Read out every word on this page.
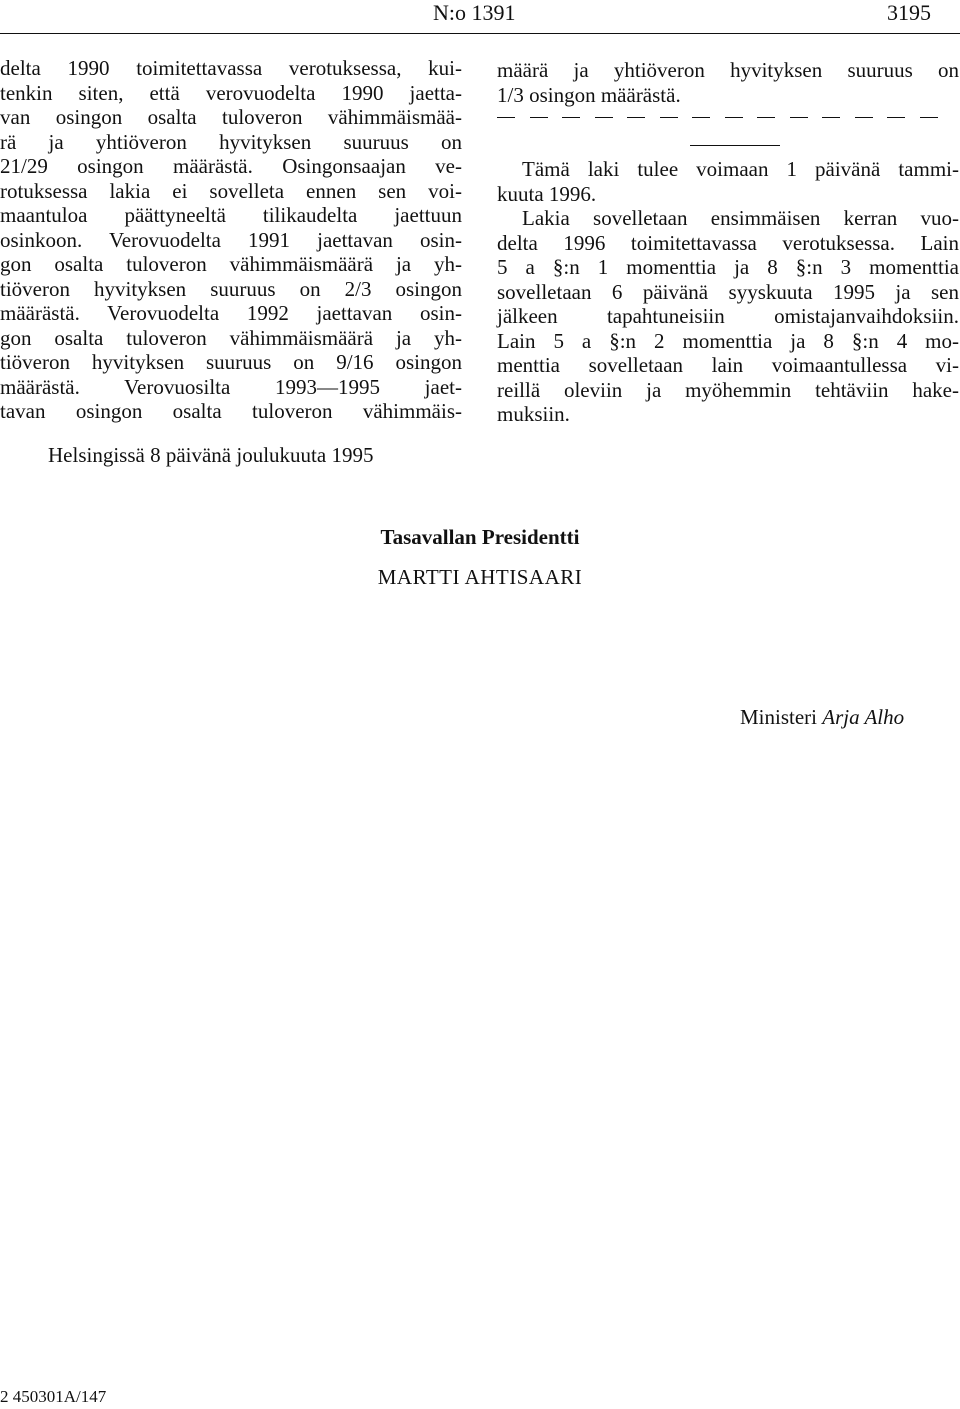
N:o 1391	3195
delta 1990 toimitettavassa verotuksessa, kui-
tenkin siten, että verovuodelta 1990 jaetta-
van osingon osalta tuloveron vähimmäismää-
rä ja yhtiöveron hyvityksen suuruus on
21/29 osingon määrästä. Osingonsaajan ve-
rotuksessa lakia ei sovelleta ennen sen voi-
maantuloa päättyneeltä tilikaudelta jaettuun
osinkoon. Verovuodelta 1991 jaettavan osin-
gon osalta tuloveron vähimmäismäärä ja yh-
tiöveron hyvityksen suuruus on 2/3 osingon
määrästä. Verovuodelta 1992 jaettavan osin-
gon osalta tuloveron vähimmäismäärä ja yh-
tiöveron hyvityksen suuruus on 9/16 osingon
määrästä. Verovuosilta 1993—1995 jaet-
tavan osingon osalta tuloveron vähimmäis-
määrä ja yhtiöveron hyvityksen suuruus on
1/3 osingon määrästä.
Tämä laki tulee voimaan 1 päivänä tammi-
kuuta 1996.
Lakia sovelletaan ensimmäisen kerran vuo-
delta 1996 toimitettavassa verotuksessa. Lain
5 a §:n 1 momenttia ja 8 §:n 3 momenttia
sovelletaan 6 päivänä syyskuuta 1995 ja sen
jälkeen tapahtuneisiin omistajanvaihdoksiin.
Lain 5 a §:n 2 momenttia ja 8 §:n 4 mo-
menttia sovelletaan lain voimaantullessa vi-
reillä oleviin ja myöhemmin tehtäviin hake-
muksiin.
Helsingissä 8 päivänä joulukuuta 1995
Tasavallan Presidentti
MARTTI AHTISAARI
Ministeri Arja Alho
2 450301A/147
